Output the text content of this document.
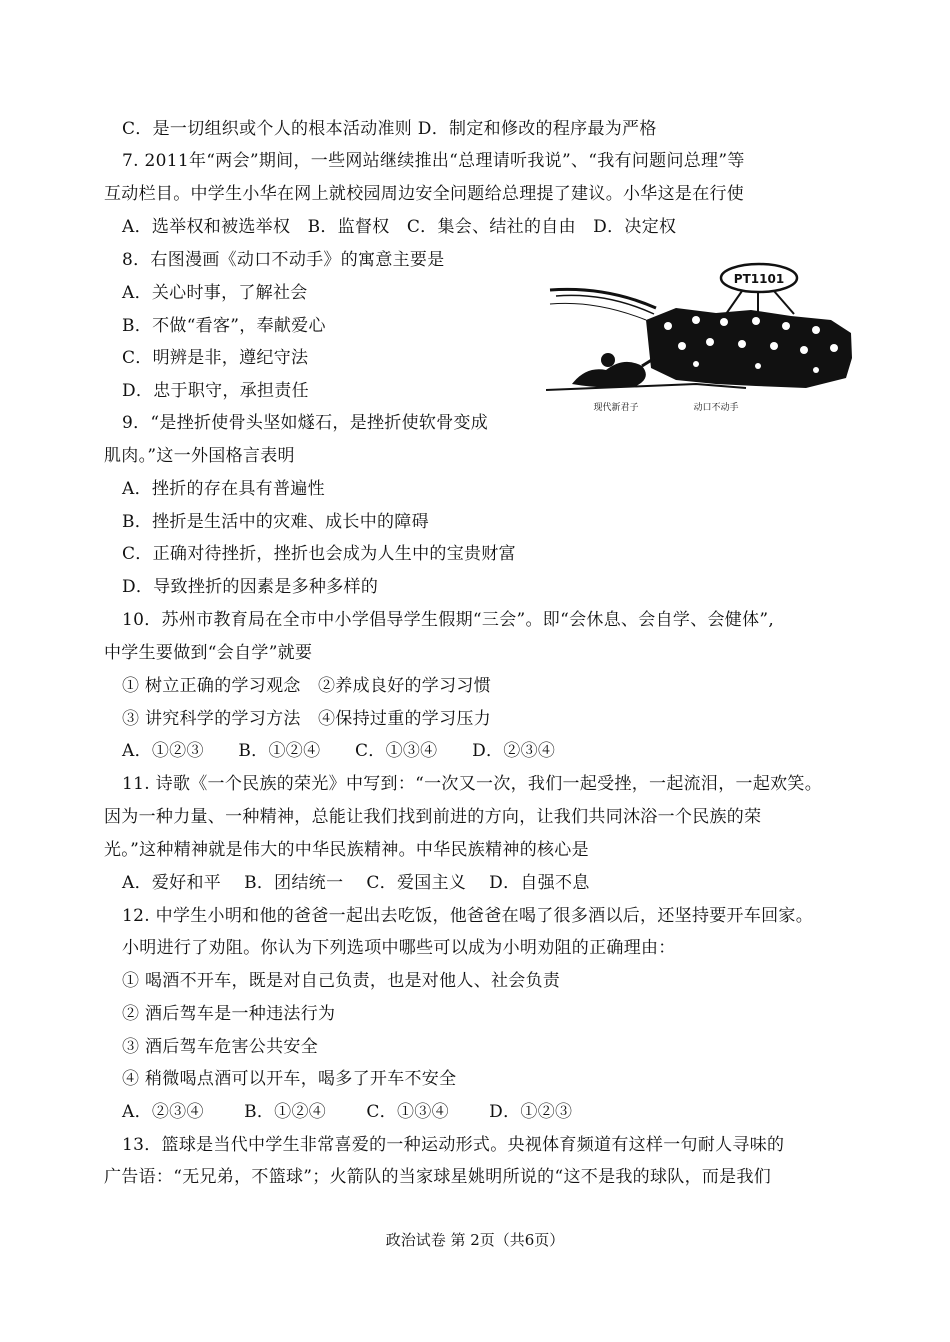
C．是一切组织或个人的根本活动准则 D．制定和修改的程序最为严格
7. 2011年“两会”期间，一些网站继续推出“总理请听我说”、“我有问题问总理”等
互动栏目。中学生小华在网上就校园周边安全问题给总理提了建议。小华这是在行使
A．选举权和被选举权　B．监督权　C．集会、结社的自由　D．决定权
8．右图漫画《动口不动手》的寓意主要是
A．关心时事，了解社会
B．不做“看客”，奉献爱心
C．明辨是非，遵纪守法
D．忠于职守，承担责任
9．“是挫折使骨头坚如燧石，是挫折使软骨变成
肌肉。”这一外国格言表明
A．挫折的存在具有普遍性
B．挫折是生活中的灾难、成长中的障碍
C．正确对待挫折，挫折也会成为人生中的宝贵财富
D．导致挫折的因素是多种多样的
10．苏州市教育局在全市中小学倡导学生假期“三会”。即“会休息、会自学、会健体”,
中学生要做到“会自学”就要
① 树立正确的学习观念　②养成良好的学习习惯
③ 讲究科学的学习方法　④保持过重的学习压力
A．①②③　　B．①②④　　C．①③④　　D．②③④
11. 诗歌《一个民族的荣光》中写到：“一次又一次，我们一起受挫，一起流泪，一起欢笑。
因为一种力量、一种精神，总能让我们找到前进的方向，让我们共同沐浴一个民族的荣
光。”这种精神就是伟大的中华民族精神。中华民族精神的核心是
A．爱好和平　 B．团结统一　 C．爱国主义　 D．自强不息
12. 中学生小明和他的爸爸一起出去吃饭，他爸爸在喝了很多酒以后，还坚持要开车回家。
小明进行了劝阻。你认为下列选项中哪些可以成为小明劝阻的正确理由：
① 喝酒不开车，既是对自己负责，也是对他人、社会负责
② 酒后驾车是一种违法行为
③ 酒后驾车危害公共安全
④ 稍微喝点酒可以开车，喝多了开车不安全
A．②③④　　 B．①②④　　 C．①③④　　 D．①②③
13．篮球是当代中学生非常喜爱的一种运动形式。央视体育频道有这样一句耐人寻味的
广告语：“无兄弟，不篮球”；火箭队的当家球星姚明所说的“这不是我的球队，而是我们
PT1101
现代新君子	动口不动手
政治试卷 第 2页（共6页）
